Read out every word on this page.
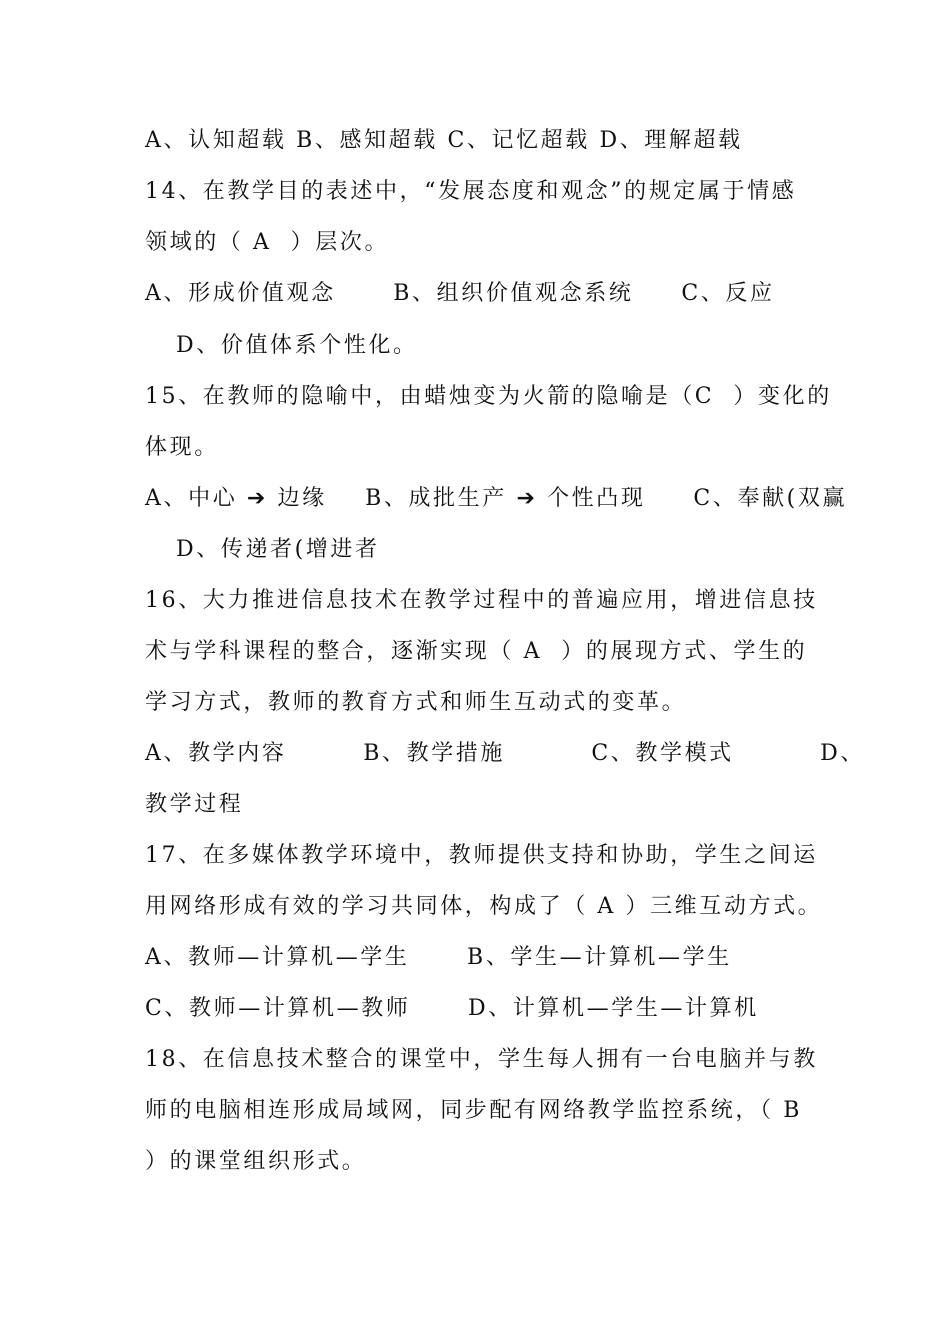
A、认知超载 B、感知超载 C、记忆超载 D、理解超载
14、在教学目的表述中，“发展态度和观念”的规定属于情感
领域的（ A  ）层次。
A、形成价值观念      B、组织价值观念系统     C、反应
D、价值体系个性化。
15、在教师的隐喻中，由蜡烛变为火箭的隐喻是（C  ）变化的
体现。
A、中心 ➔ 边缘    B、成批生产 ➔ 个性凸现     C、奉献(双赢
D、传递者(增进者
16、大力推进信息技术在教学过程中的普遍应用，增进信息技
术与学科课程的整合，逐渐实现（ A  ）的展现方式、学生的
学习方式，教师的教育方式和师生互动式的变革。
A、教学内容        B、教学措施         C、教学模式         D、
教学过程
17、在多媒体教学环境中，教师提供支持和协助，学生之间运
用网络形成有效的学习共同体，构成了（ A ）三维互动方式。
A、教师—计算机—学生      B、学生—计算机—学生
C、教师—计算机—教师      D、计算机—学生—计算机
18、在信息技术整合的课堂中，学生每人拥有一台电脑并与教
师的电脑相连形成局域网，同步配有网络教学监控系统，（ B
）的课堂组织形式。
